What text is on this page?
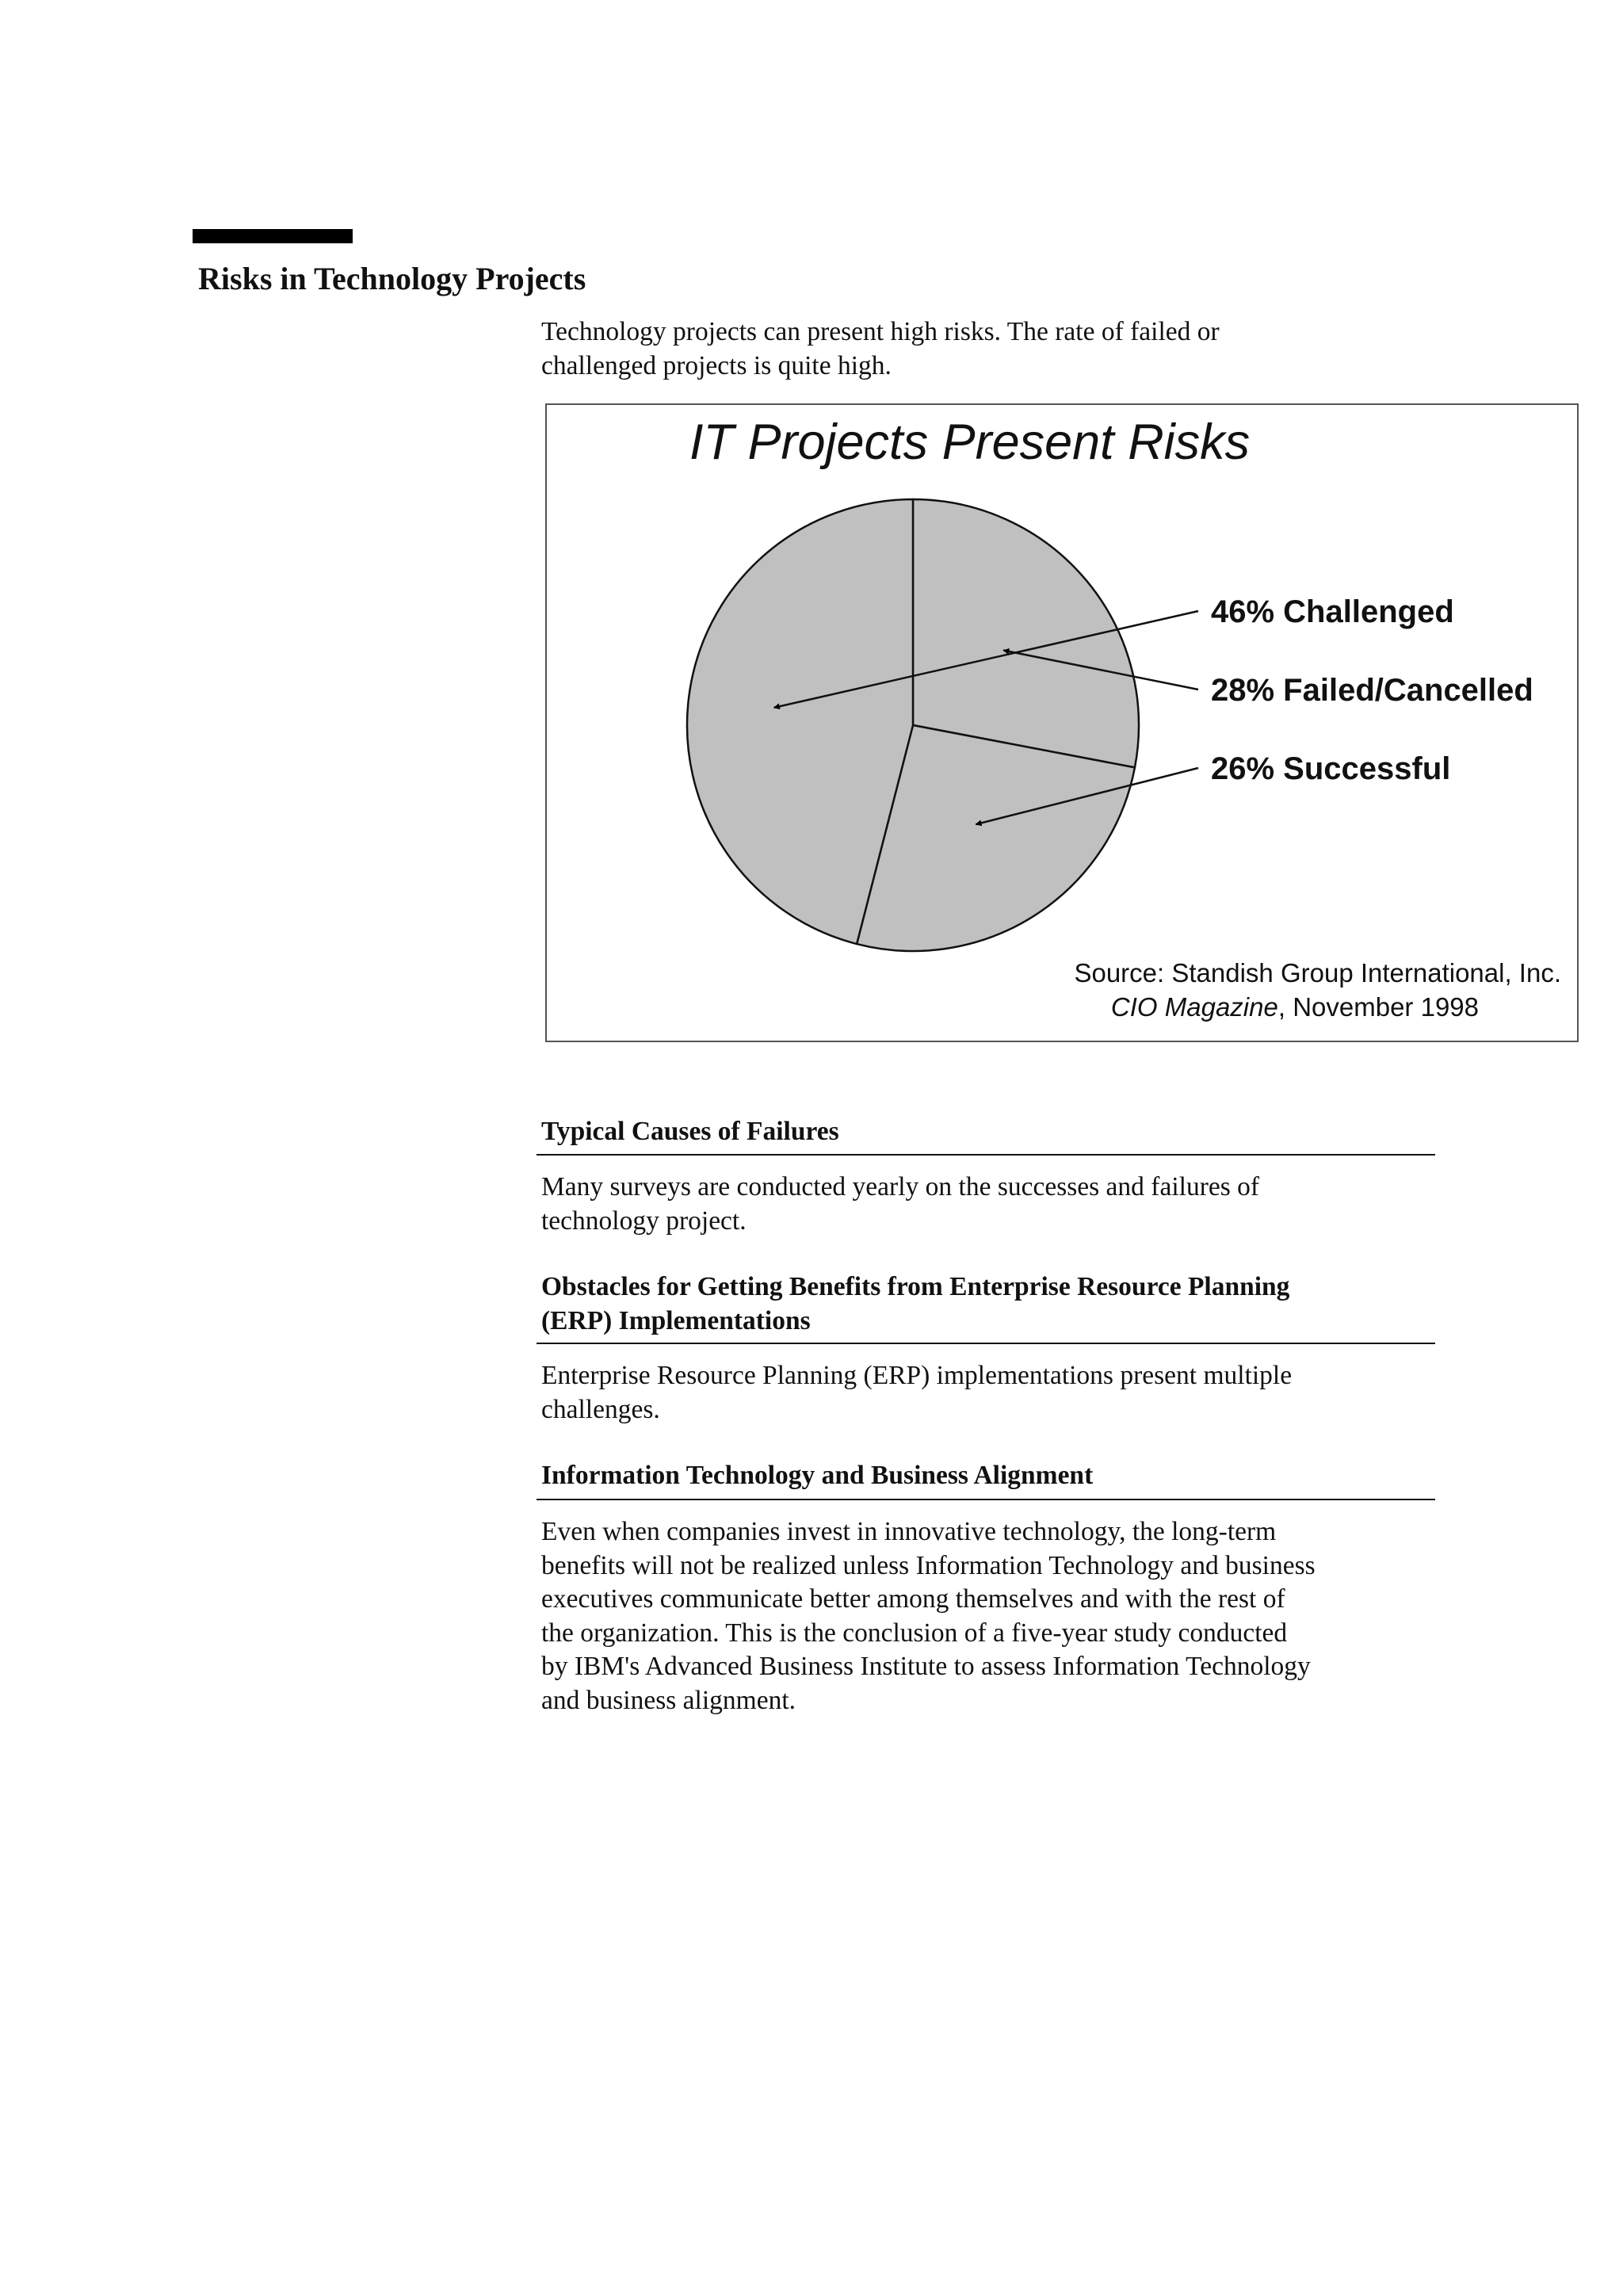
Risks in Technology Projects

Technology projects can present high risks. The rate of failed or
challenged projects is quite high.

IT Projects Present Risks
46% Challenged
28% Failed/Cancelled
26% Successful
Source: Standish Group International, Inc.
CIO Magazine, November 1998

Typical Causes of Failures

Many surveys are conducted yearly on the successes and failures of
technology project.

Obstacles for Getting Benefits from Enterprise Resource Planning
(ERP) Implementations

Enterprise Resource Planning (ERP) implementations present multiple
challenges.

Information Technology and Business Alignment

Even when companies invest in innovative technology, the long-term
benefits will not be realized unless Information Technology and business
executives communicate better among themselves and with the rest of
the organization. This is the conclusion of a five-year study conducted
by IBM's Advanced Business Institute to assess Information Technology
and business alignment.
